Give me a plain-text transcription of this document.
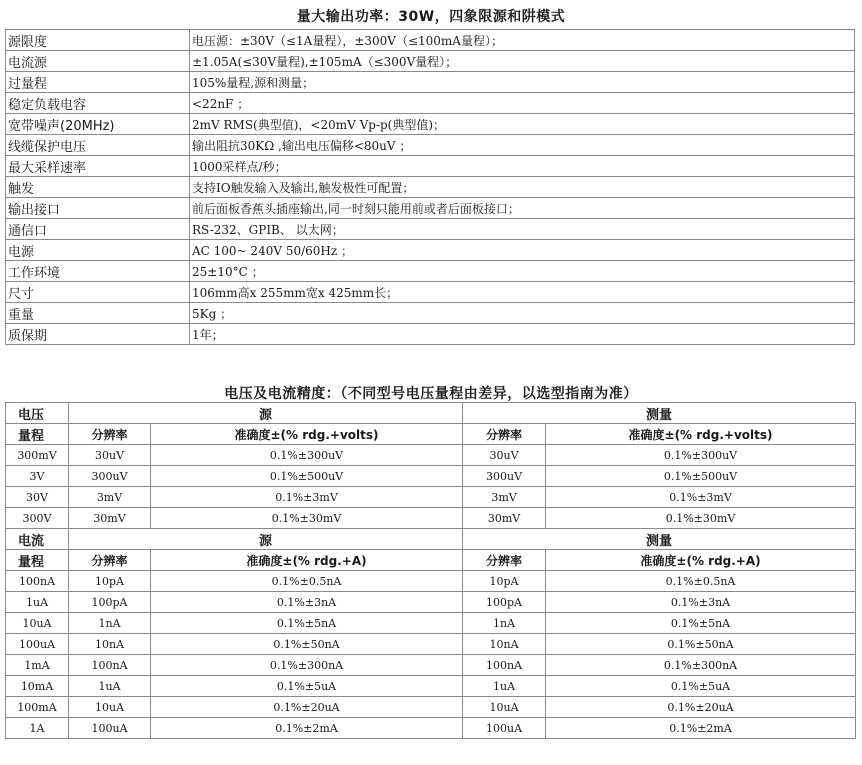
量大输出功率：30W，四象限源和阱模式
源限度	电压源：±30V（≤1A量程），±300V（≤100mA量程）；
电流源	±1.05A(≤30V量程),±105mA（≤300V量程）；
过量程	105%量程,源和测量；
稳定负载电容	<22nF ；
宽带噪声(20MHz)	2mV RMS(典型值)，<20mV Vp-p(典型值)；
线缆保护电压	输出阻抗30KΩ ,输出电压偏移<80uV ；
最大采样速率	1000采样点/秒；
触发	支持IO触发输入及输出,触发极性可配置；
输出接口	前后面板香蕉头插座输出,同一时刻只能用前或者后面板接口；
通信口	RS-232、GPIB、 以太网；
电源	AC 100~ 240V 50/60Hz ；
工作环境	25±10°C ；
尺寸	106mm高x 255mm宽x 425mm长；
重量	5Kg ；
质保期	1年；
电压及电流精度：（不同型号电压量程由差异，以选型指南为准）
电压	源		测量	
量程	分辨率	准确度±(% rdg.+volts)	分辨率	准确度±(% rdg.+volts)
300mV	30uV	0.1%±300uV	30uV	0.1%±300uV
3V	300uV	0.1%±500uV	300uV	0.1%±500uV
30V	3mV	0.1%±3mV	3mV	0.1%±3mV
300V	30mV	0.1%±30mV	30mV	0.1%±30mV
电流	源		测量	
量程	分辨率	准确度±(% rdg.+A)	分辨率	准确度±(% rdg.+A)
100nA	10pA	0.1%±0.5nA	10pA	0.1%±0.5nA
1uA	100pA	0.1%±3nA	100pA	0.1%±3nA
10uA	1nA	0.1%±5nA	1nA	0.1%±5nA
100uA	10nA	0.1%±50nA	10nA	0.1%±50nA
1mA	100nA	0.1%±300nA	100nA	0.1%±300nA
10mA	1uA	0.1%±5uA	1uA	0.1%±5uA
100mA	10uA	0.1%±20uA	10uA	0.1%±20uA
1A	100uA	0.1%±2mA	100uA	0.1%±2mA
